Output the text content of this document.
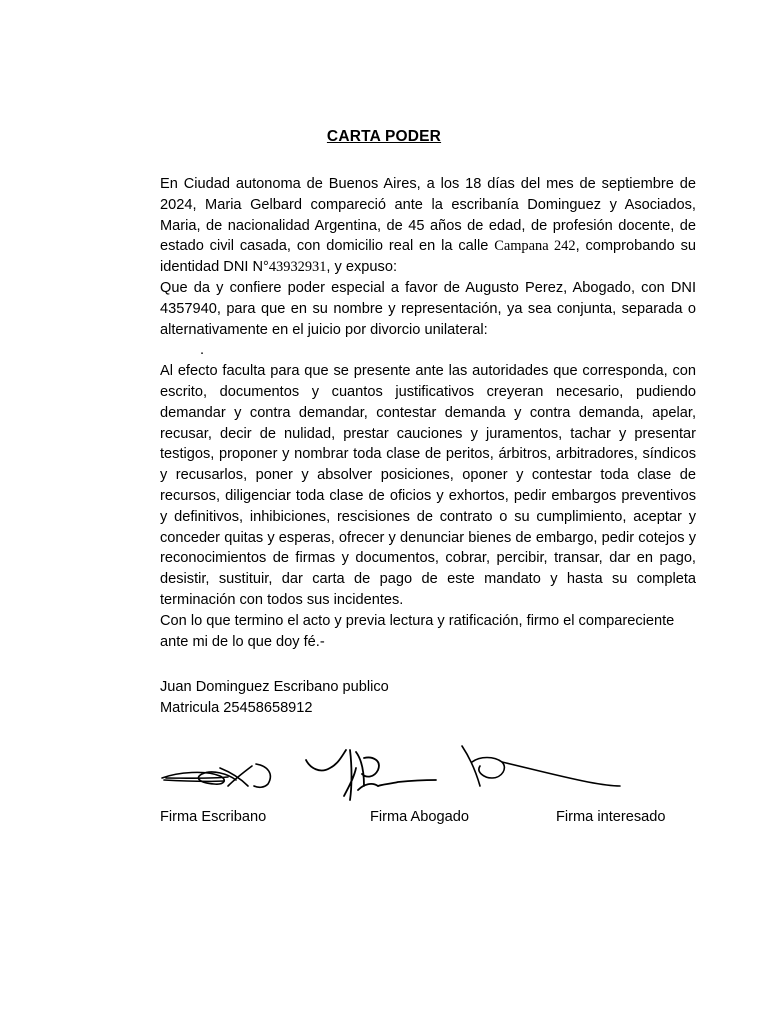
CARTA PODER

En Ciudad autonoma de Buenos Aires, a los 18 días del mes de septiembre de 2024, Maria Gelbard compareció ante la escribanía Dominguez y Asociados, Maria, de nacionalidad Argentina, de 45 años de edad, de profesión docente, de estado civil casada, con domicilio real en la calle Campana 242, comprobando su identidad DNI N°43932931, y expuso:

Que da y confiere poder especial a favor de Augusto Perez, Abogado, con DNI 4357940, para que en su nombre y representación, ya sea conjunta, separada o alternativamente en el juicio por divorcio unilateral:

.

Al efecto faculta para que se presente ante las autoridades que corresponda, con escrito, documentos y cuantos justificativos creyeran necesario, pudiendo demandar y contra demandar, contestar demanda y contra demanda, apelar, recusar, decir de nulidad, prestar cauciones y juramentos, tachar y presentar testigos, proponer y nombrar toda clase de peritos, árbitros, arbitradores, síndicos y recusarlos, poner y absolver posiciones, oponer y contestar toda clase de recursos, diligenciar toda clase de oficios y exhortos, pedir embargos preventivos y definitivos, inhibiciones, rescisiones de contrato o su cumplimiento, aceptar y conceder quitas y esperas, ofrecer y denunciar bienes de embargo, pedir cotejos y reconocimientos de firmas y documentos, cobrar, percibir, transar, dar en pago, desistir, sustituir, dar carta de pago de este mandato y hasta su completa terminación con todos sus incidentes.

Con lo que termino el acto y previa lectura y ratificación, firmo el compareciente ante mi de lo que doy fé.-

Juan Dominguez Escribano publico
Matricula 25458658912
Firma Escribano	Firma Abogado	Firma interesado
